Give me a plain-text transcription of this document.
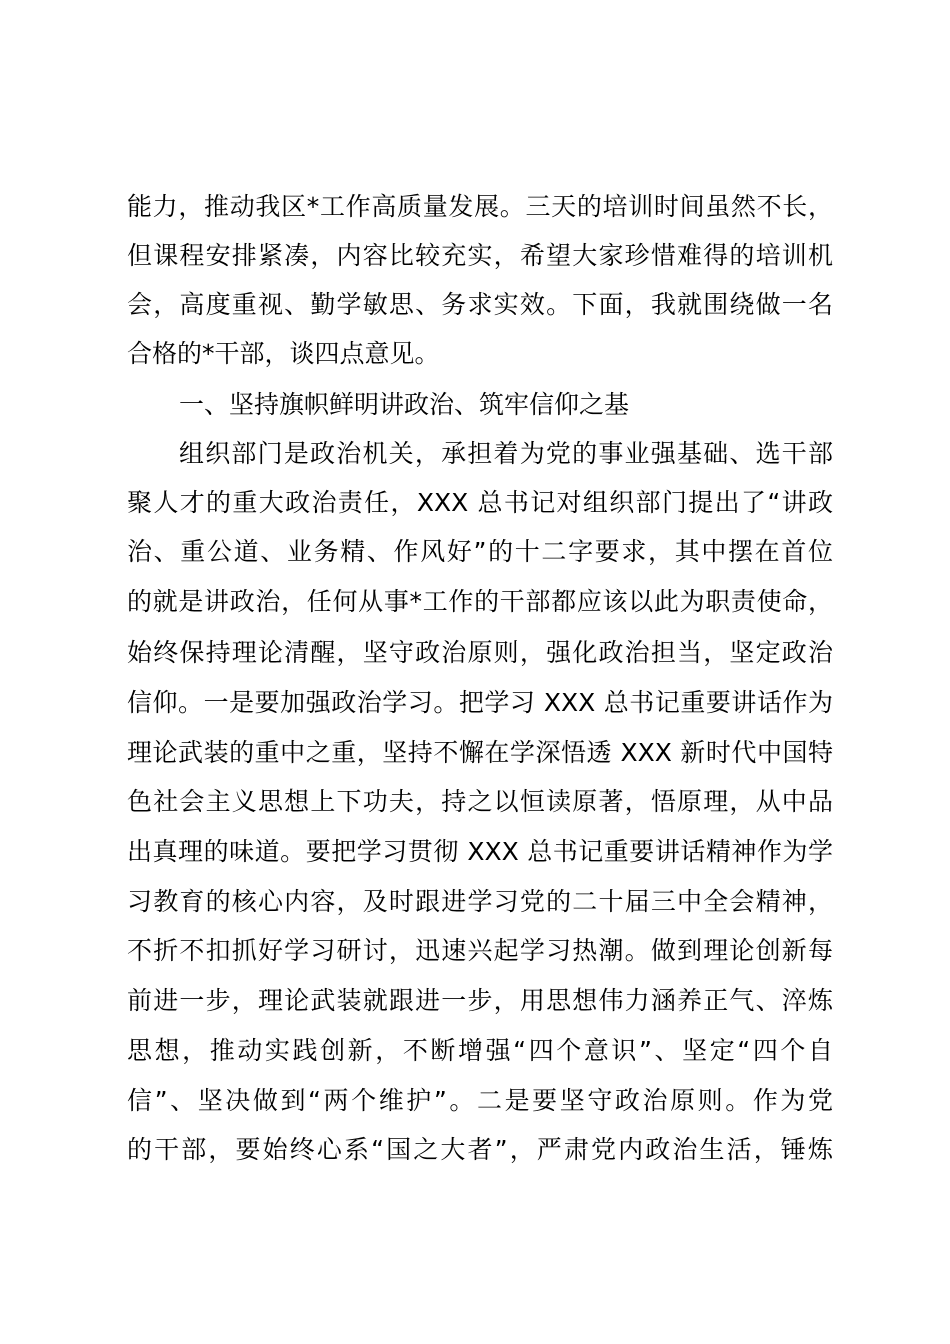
能力，推动我区*工作高质量发展。三天的培训时间虽然不长，
但课程安排紧凑，内容比较充实，希望大家珍惜难得的培训机
会，高度重视、勤学敏思、务求实效。下面，我就围绕做一名
合格的*干部，谈四点意见。
一、坚持旗帜鲜明讲政治、筑牢信仰之基
组织部门是政治机关，承担着为党的事业强基础、选干部
聚人才的重大政治责任，XXX 总书记对组织部门提出了“讲政
治、重公道、业务精、作风好”的十二字要求，其中摆在首位
的就是讲政治，任何从事*工作的干部都应该以此为职责使命，
始终保持理论清醒，坚守政治原则，强化政治担当，坚定政治
信仰。一是要加强政治学习。把学习 XXX 总书记重要讲话作为
理论武装的重中之重，坚持不懈在学深悟透 XXX 新时代中国特
色社会主义思想上下功夫，持之以恒读原著，悟原理，从中品
出真理的味道。要把学习贯彻 XXX 总书记重要讲话精神作为学
习教育的核心内容，及时跟进学习党的二十届三中全会精神，
不折不扣抓好学习研讨，迅速兴起学习热潮。做到理论创新每
前进一步，理论武装就跟进一步，用思想伟力涵养正气、淬炼
思想，推动实践创新，不断增强“四个意识”、坚定“四个自
信”、坚决做到“两个维护”。二是要坚守政治原则。作为党
的干部，要始终心系“国之大者”，严肃党内政治生活，锤炼
